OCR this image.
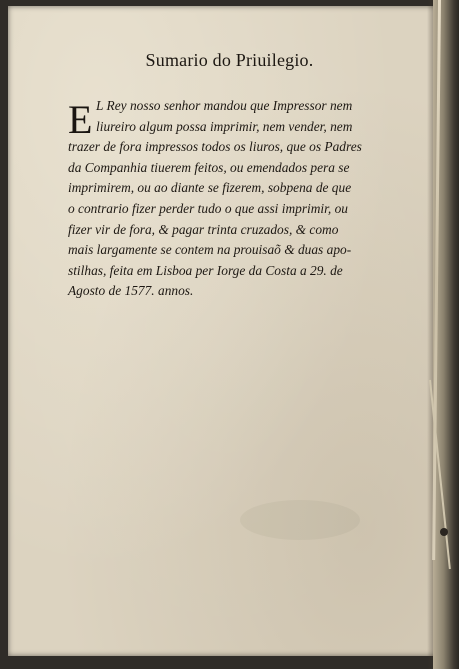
Sumario do Priuilegio.
E L Rey nosso senhor mandou que Impressor nem
liureiro algum possa imprimir, nem vender, nem
trazer de fora impressos todos os liuros, que os Padres
da Companhia tiuerem feitos, ou emendados pera se
imprimirem, ou ao diante se fizerem, sobpena de que
o contrario fizer perder tudo o que assi imprimir, ou
fizer vir de fora, & pagar trinta cruzados, & como
mais largamente se contem na prouisaõ & duas apo-
stilhas, feita em Lisboa per Iorge da Costa a 29. de
Agosto de 1577. annos.
